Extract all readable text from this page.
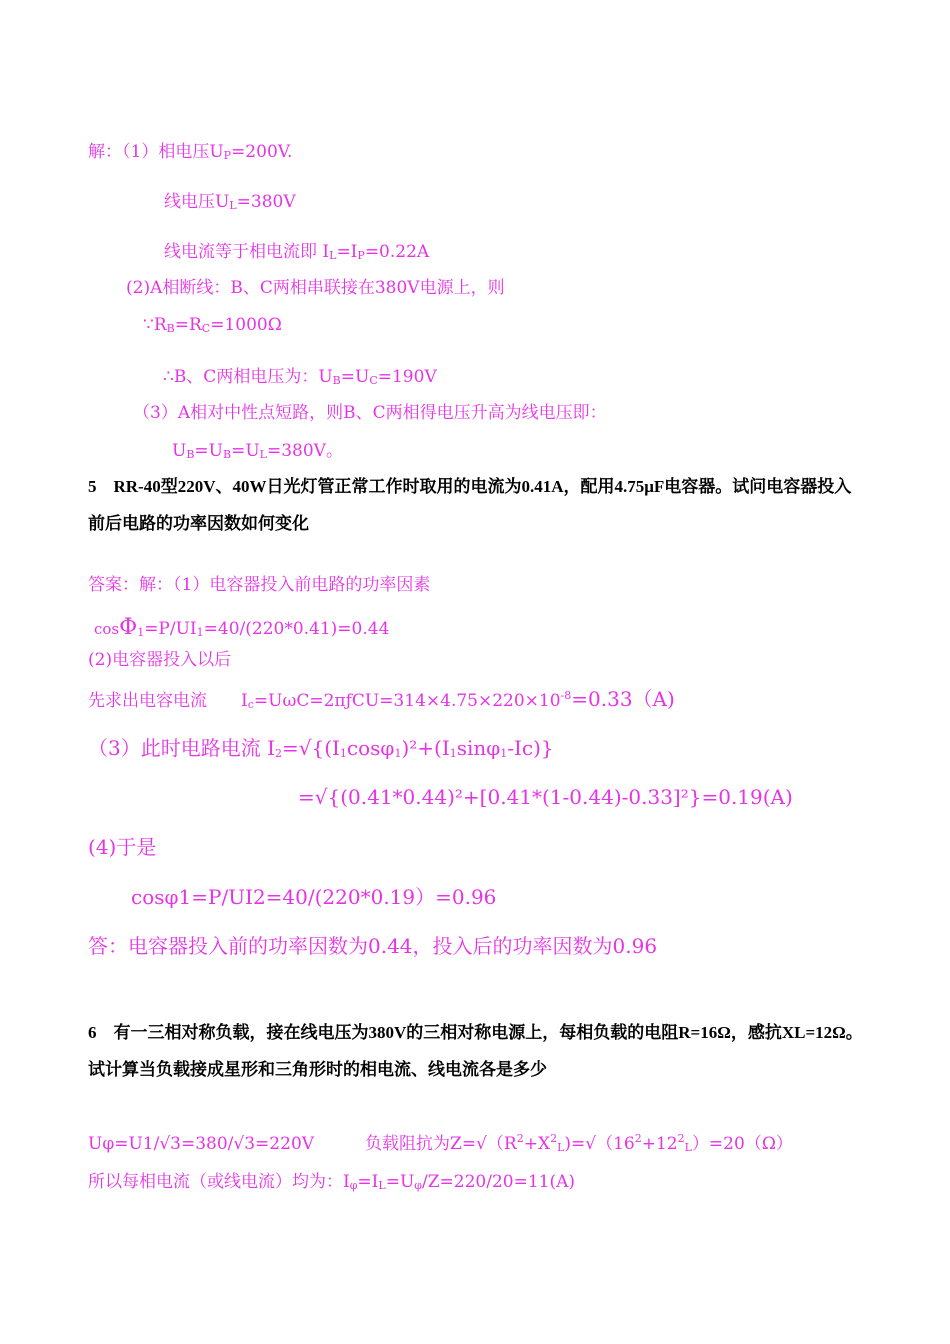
解：（1）相电压$U_P=200V$.
线电压$U_L=380V$
线电流等于相电流即 $I_L=I_P=0.22A$
(2)A相断线：B、C两相串联接在380V电源上，则
$\because R_B=R_C=1000\Omega$
∴B、C两相电压为：$U_B=U_C=190V$
（3）A相对中性点短路，则B、C两相得电压升高为线电压即：
$U_B=U_B=U_L=380V$。
5　RR-40型220V、40W日光灯管正常工作时取用的电流为0.41A，配用4.75μF电容器。试问电容器投入前后电路的功率因数如何变化
答案：解：（1）电容器投入前电路的功率因素
$\cos\Phi_1=P/UI_1=40/(220*0.41)=0.44$
(2)电容器投入以后
先求出电容电流　　$I_c=U\omega C=2\pi ƒCU=314\times 4.75\times 220\times 10^{-8}=0.33(A)$
（3）此时电路电流 $I_2=√\{(I_1\cos\varphi_1)^2+(I_1\sin\varphi_1-Ic)\}$
=√{(0.41*0.44)²+[0.41*(1-0.44)-0.33]²}=0.19(A)
(4)于是
cosφ1=P/UI2=40/(220*0.19）=0.96
答：电容器投入前的功率因数为0.44，投入后的功率因数为0.96
6　有一三相对称负载，接在线电压为380V的三相对称电源上，每相负载的电阻R=16Ω，感抗XL=12Ω。试计算当负载接成星形和三角形时的相电流、线电流各是多少
Uφ=U1/√3=380/√3=220V　　　负载阻抗为$Z=√(R^2+X^2_L)=√(16^2+12^2_L)=20(\Omega)$
所以每相电流（或线电流）均为：$I_\varphi=I_L=U_\varphi/Z=220/20=11(A)$
